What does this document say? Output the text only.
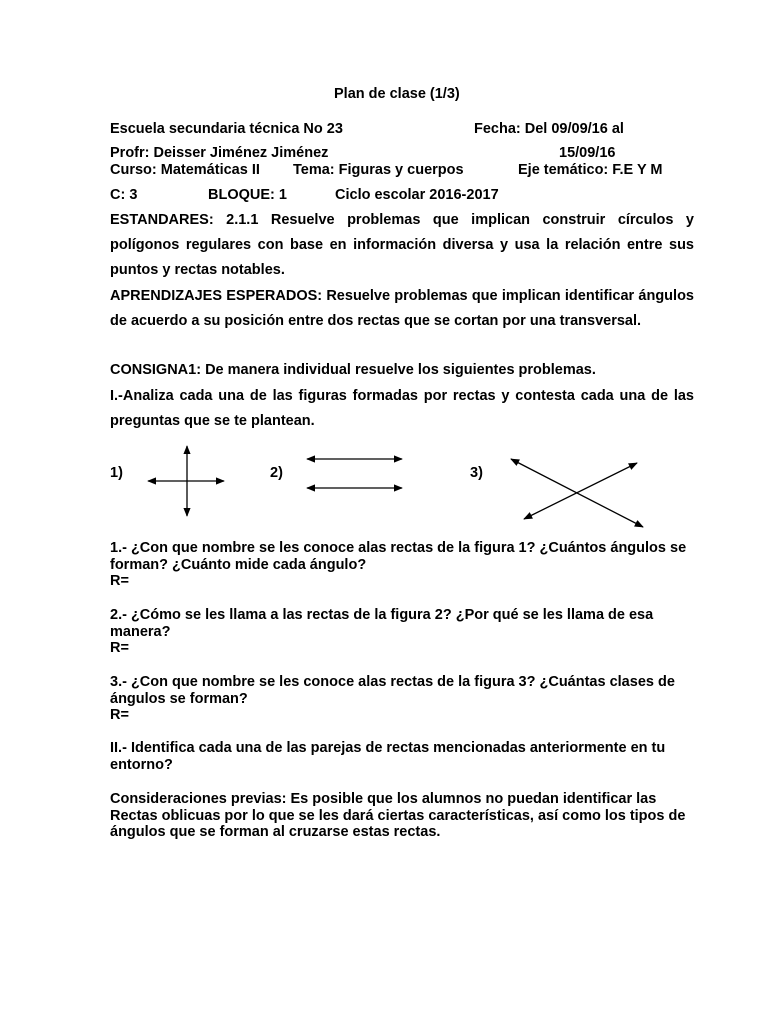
Plan de clase (1/3)
Escuela secundaria técnica No 23	Fecha: Del 09/09/16 al
Profr: Deisser Jiménez Jiménez	15/09/16
Curso: Matemáticas II Tema: Figuras y cuerpos	Eje temático: F.E Y M
C: 3	BLOQUE: 1	Ciclo escolar 2016-2017
ESTANDARES: 2.1.1 Resuelve problemas que implican construir círculos y polígonos regulares con base en información diversa y usa la relación entre sus puntos y rectas notables.
APRENDIZAJES ESPERADOS: Resuelve problemas que implican identificar ángulos de acuerdo a su posición entre dos rectas que se cortan por una transversal.
CONSIGNA1: De manera individual resuelve los siguientes problemas.
I.-Analiza cada una de las figuras formadas por rectas y contesta cada una de las preguntas que se te plantean.
1)	2)	3)
1.- ¿Con que nombre se les conoce alas rectas de la figura 1? ¿Cuántos ángulos se forman? ¿Cuánto mide cada ángulo?
R=
2.- ¿Cómo se les llama a las rectas de la figura 2? ¿Por qué se les llama de esa manera?
R=
3.- ¿Con que nombre se les conoce alas rectas de la figura 3? ¿Cuántas clases de ángulos se forman?
R=
II.- Identifica cada una de las parejas de rectas mencionadas anteriormente en tu entorno?
Consideraciones previas: Es posible que los alumnos no puedan identificar las Rectas oblicuas por lo que se les dará ciertas características, así como los tipos de ángulos que se forman al cruzarse estas rectas.
